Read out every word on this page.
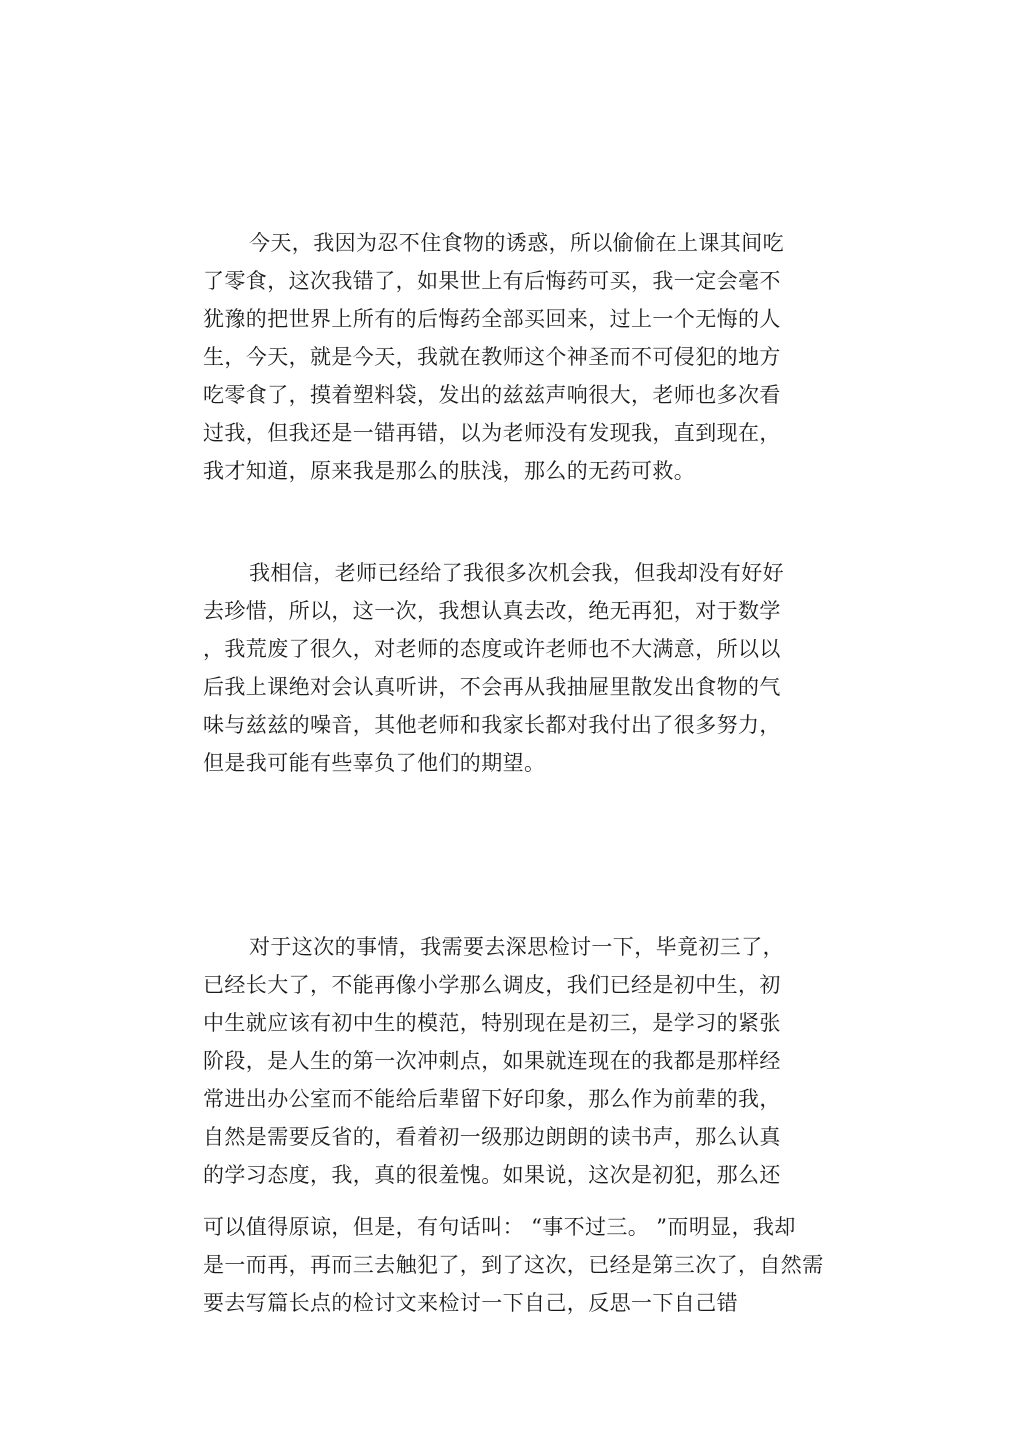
今天，我因为忍不住食物的诱惑，所以偷偷在上课其间吃
了零食，这次我错了，如果世上有后悔药可买，我一定会毫不
犹豫的把世界上所有的后悔药全部买回来，过上一个无悔的人
生，今天，就是今天，我就在教师这个神圣而不可侵犯的地方
吃零食了，摸着塑料袋，发出的兹兹声响很大，老师也多次看
过我，但我还是一错再错，以为老师没有发现我，直到现在，
我才知道，原来我是那么的肤浅，那么的无药可救。
我相信，老师已经给了我很多次机会我，但我却没有好好
去珍惜，所以，这一次，我想认真去改，绝无再犯，对于数学
，我荒废了很久，对老师的态度或许老师也不大满意，所以以
后我上课绝对会认真听讲，不会再从我抽屉里散发出食物的气
味与兹兹的噪音，其他老师和我家长都对我付出了很多努力，
但是我可能有些辜负了他们的期望。
对于这次的事情，我需要去深思检讨一下，毕竟初三了，
已经长大了，不能再像小学那么调皮，我们已经是初中生，初
中生就应该有初中生的模范，特别现在是初三，是学习的紧张
阶段，是人生的第一次冲刺点，如果就连现在的我都是那样经
常进出办公室而不能给后辈留下好印象，那么作为前辈的我，
自然是需要反省的，看着初一级那边朗朗的读书声，那么认真
的学习态度，我，真的很羞愧。如果说，这次是初犯，那么还
可以值得原谅，但是，有句话叫： “事不过三。 ”而明显，我却
是一而再，再而三去触犯了，到了这次，已经是第三次了，自然需
要去写篇长点的检讨文来检讨一下自己，反思一下自己错
